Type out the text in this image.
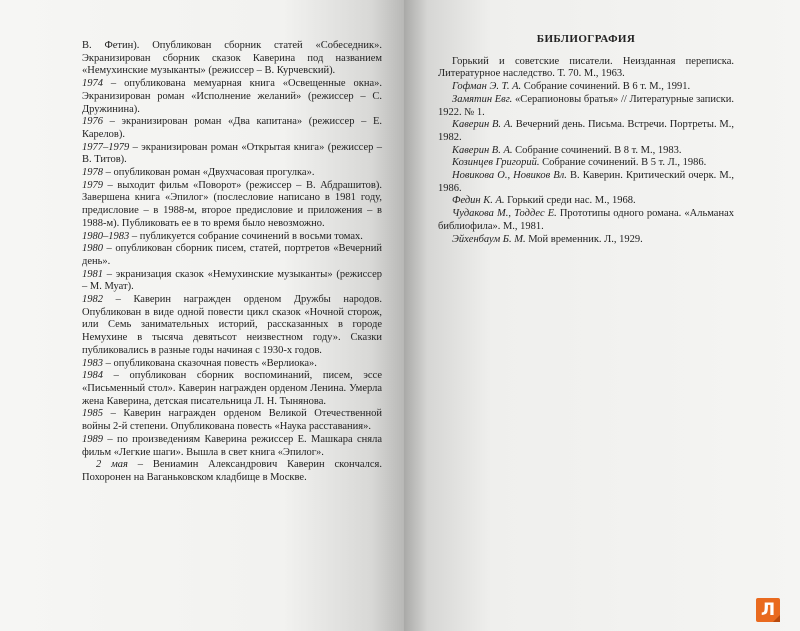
В. Фетин). Опубликован сборник статей «Собеседник». Экранизирован сборник сказок Каверина под названием «Немухинские музыканты» (режиссер – В. Курчевский).

1974 – опубликована мемуарная книга «Освещенные окна». Экранизирован роман «Исполнение желаний» (режиссер – С. Дружинина).

1976 – экранизирован роман «Два капитана» (режиссер – Е. Карелов).

1977–1979 – экранизирован роман «Открытая книга» (режиссер – В. Титов).

1978 – опубликован роман «Двухчасовая прогулка».

1979 – выходит фильм «Поворот» (режиссер – В. Абдрашитов). Завершена книга «Эпилог» (послесловие написано в 1981 году, предисловие – в 1988-м, второе предисловие и приложения – в 1988-м). Публиковать ее в то время было невозможно.

1980–1983 – публикуется собрание сочинений в восьми томах.

1980 – опубликован сборник писем, статей, портретов «Вечерний день».

1981 – экранизация сказок «Немухинские музыканты» (режиссер – М. Муат).

1982 – Каверин награжден орденом Дружбы народов. Опубликован в виде одной повести цикл сказок «Ночной сторож, или Семь занимательных историй, рассказанных в городе Немухине в тысяча девятьсот неизвестном году». Сказки публиковались в разные годы начиная с 1930-х годов.

1983 – опубликована сказочная повесть «Верлиока».

1984 – опубликован сборник воспоминаний, писем, эссе «Письменный стол». Каверин награжден орденом Ленина. Умерла жена Каверина, детская писательница Л. Н. Тынянова.

1985 – Каверин награжден орденом Великой Отечественной войны 2-й степени. Опубликована повесть «Наука расставания».

1989 – по произведениям Каверина режиссер Е. Машкара сняла фильм «Легкие шаги». Вышла в свет книга «Эпилог».

2 мая – Вениамин Александрович Каверин скончался. Похоронен на Ваганьковском кладбище в Москве.

БИБЛИОГРАФИЯ

Горький и советские писатели. Неизданная переписка. Литературное наследство. Т. 70. М., 1963.

Гофман Э. Т. А. Собрание сочинений. В 6 т. М., 1991.

Замятин Евг. «Серапионовы братья» // Литературные записки. 1922. № 1.

Каверин В. А. Вечерний день. Письма. Встречи. Портреты. М., 1982.

Каверин В. А. Собрание сочинений. В 8 т. М., 1983.

Козинцев Григорий. Собрание сочинений. В 5 т. Л., 1986.

Новикова О., Новиков Вл. В. Каверин. Критический очерк. М., 1986.

Федин К. А. Горький среди нас. М., 1968.

Чудакова М., Тоддес Е. Прототипы одного романа. «Альманах библиофила». М., 1981.

Эйхенбаум Б. М. Мой временник. Л., 1929.

Л
